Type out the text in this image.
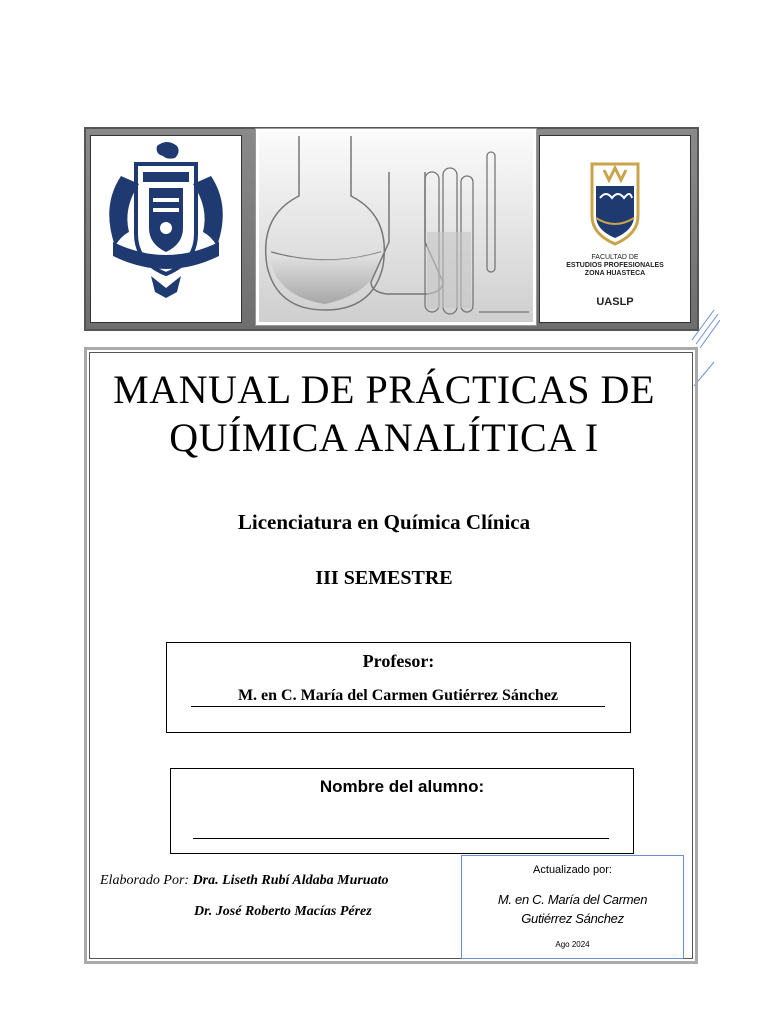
FACULTAD DE
ESTUDIOS PROFESIONALES
ZONA HUASTECA
UASLP
MANUAL DE PRÁCTICAS DE
QUÍMICA ANALÍTICA I
Licenciatura en Química Clínica
III SEMESTRE
Profesor:
M. en C. María del Carmen Gutiérrez Sánchez
Nombre del alumno:
Elaborado Por: Dra. Liseth Rubí Aldaba Muruato
Dr. José Roberto Macías Pérez
Actualizado por:
M. en C. María del Carmen
Gutiérrez Sánchez
Ago 2024
